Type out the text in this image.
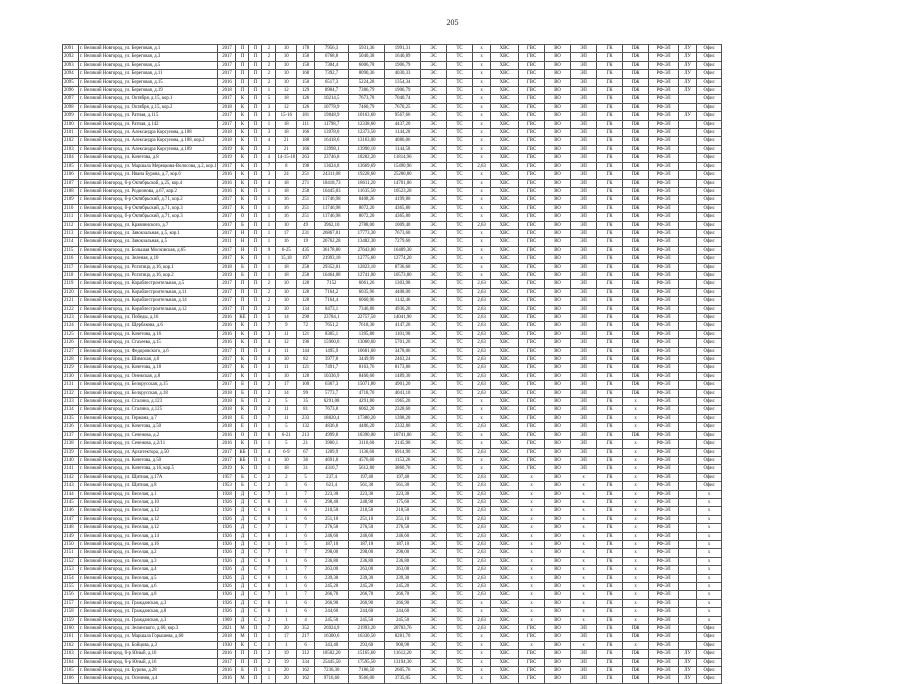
205
2091	г. Великий Новгород, ул. Береговая, д.1	2017	П	П	2	10	178	7956,3	5931,36	1991,31	ЭС	ТС	х	ХВС	ГВС	ВО	ЭП	ГК	ПЖ	РФ-ЭЛ	ЛУ	Офис
2092	г. Великий Новгород, ул. Береговая, д.3	2017	П	П	2	10	158	6768,8	5040,38	1640,89	ЭС	ТС	х	ХВС	ГВС	ВО	ЭП	ГК	ПЖ	РФ-ЭЛ	ЛУ	Офис
2093	г. Великий Новгород, ул. Береговая, д.5	2017	П	П	2	10	158	7304,4	6006,78	1906,79	ЭС	ТС	х	ХВС	ГВС	ВО	ЭП	ГК	ПЖ	РФ-ЭЛ	ЛУ	Офис
2094	г. Великий Новгород, ул. Береговая, д.11	2017	П	П	2	10	168	7392,7	8090,36	4030,33	ЭС	ТС	х	ХВС	ГВС	ВО	ЭП	ГК	ПЖ	РФ-ЭЛ	ЛУ	Офис
2095	г. Великий Новгород, ул. Береговая, д.15	2016	П	П	2	10	150	6517,3	5224,28	1354,34	ЭС	ТС	х	ХВС	ГВС	ВО	ЭП	ГК	ПЖ	РФ-ЭЛ	ЛУ	Офис
2096	г. Великий Новгород, ул. Береговая, д.19	2018	П	П	1	12	129	8904,7	7386,79	1906,79	ЭС	ТС	х	ХВС	ГВС	ВО	ЭП	ГК	ПЖ	РФ-ЭЛ	ЛУ	Офис
2097	г. Великий Новгород, ул. Октября, д.15, кор.1	2017	К	П	5	18	126	10214,5	7673,78	7040,74	ЭС	ТС	х	ХВС	ГВС	ВО	ЭП	ГК	ПЖ	РФ-ЭЛ		Офис
2098	г. Великий Новгород, ул. Октября, д.15, кор.2	2018	К	П	3	12	126	10778,9	7460,79	7670,25	ЭС	ТС	х	ХВС	ГВС	ВО	ЭП	ГК	ПЖ	РФ-ЭЛ		Офис
2099	г. Великий Новгород, ул. Ратная, д.115	2017	К	П	3	15-16	181	19848,9	10163,60	9567,66	ЭС	ТС	х	ХВС	ГВС	ВО	ЭП	ГК	ПЖ	РФ-ЭЛ	ЛУ	Офис
2100	г. Великий Новгород, ул. Ратная, д.142	2017	К	П	1	18	111	11798,7	12338,60	4437,20	ЭС	ТС	х	ХВС	ГВС	ВО	ЭП	ГК	ПЖ	РФ-ЭЛ		Офис
2101	г. Великий Новгород, ул. Александра Корсунова, д.188	2018	К	П	3	18	166	13978,0	12373,50	1144,20	ЭС	ТС	х	ХВС	ГВС	ВО	ЭП	ГК	ПЖ	РФ-ЭЛ		Офис
2102	г. Великий Новгород, ул. Александра Корсунова, д.188, кор.2	2018	К	П	4	21	188	16418,6	13163,00	4086,06	ЭС	ТС	х	ХВС	ГВС	ВО	ЭП	ГК	ПЖ	РФ-ЭЛ		Офис
2103	г. Великий Новгород, ул. Александра Корсунова, д.189	2019	К	П	3	21	166	13998,1	13990,10	1144,50	ЭС	ТС	х	ХВС	ГВС	ВО	ЭП	ГК	ПЖ	РФ-ЭЛ		Офис
2104	г. Великий Новгород, ул. Кочетова, д.8	2019	К	П	4	14-15-18	263	23746,8	18282,20	11814,96	ЭС	ТС	х	ХВС	ГВС	ВО	ЭП	ГК	ПЖ	РФ-ЭЛ		Офис
2105	г. Великий Новгород, ул. Маршала Мерецкова-Волосова, д.2, кор.1	2017	К	П	7	8	198	13624,8	13669,69	15490,96	ЭС	ТС	2,63	ХВС	ГВС	ВО	ЭП	ГК	ПЖ	РФ-ЭЛ		Офис
2106	г. Великий Новгород, ул. Ивана Бурова, д.7, кор.6	2016	К	П	3	24	251	24311,08	19228,60	25280,80	ЭС	ТС	х	ХВС	ГВС	ВО	ЭП	ГК	ПЖ	РФ-ЭЛ		Офис
2107	г. Великий Новгород, б-р Октябрьской, д.25, кор.4	2016	К	П	4	18	271	18418,73	18611,20	14701,06	ЭС	ТС	х	ХВС	ГВС	ВО	ЭП	ГК	ПЖ	РФ-ЭЛ		Офис
2108	г. Великий Новгород, ул. Родионова, д.67, кор.2	2016	К	П	1	18	258	16445,03	11635,50	10523,28	ЭС	ТС	х	ХВС	ГВС	ВО	ЭП	ГК	ПЖ	РФ-ЭЛ		Офис
2109	г. Великий Новгород, б-р Октябрьский, д.71, кор.2	2017	К	П	1	16	251	11746,98	8408,26	4199,80	ЭС	ТС	х	ХВС	ГВС	ВО	ЭП	ГК	ПЖ	РФ-ЭЛ		Офис
2110	г. Великий Новгород, б-р Октябрьский, д.71, кор.3	2017	К	П	1	16	251	11746,98	8072,20	4365,80	ЭС	ТС	х	ХВС	ГВС	ВО	ЭП	ГК	ПЖ	РФ-ЭЛ		Офис
2111	г. Великий Новгород, б-р Октябрьский, д.71, кор.3	2017	О	П	1	16	251	11746,98	8072,20	4365,80	ЭС	ТС	х	ХВС	ГВС	ВО	ЭП	ГК	ПЖ	РФ-ЭЛ		Офис
2112	г. Великий Новгород, ул. Кравчинского, д.7	2017	Б	П	1	10	49	3962,10	2788,00	1009,40	ЭС	ТС	2,63	ХВС	ГВС	ВО	ЭП	ГК	ПЖ	РФ-ЭЛ		Офис
2113	г. Великий Новгород, ул. Завокзальная, д.5, кор.1	2017	Н	П	1	17	231	26867,01	17773,30	7673,60	ЭС	ТС	х	ХВС	ГВС	ВО	ЭП	ГК	ПЖ	РФ-ЭЛ		Офис
2114	г. Великий Новгород, ул. Завокзальная, д.5	2011	Н	П	1	16	19	26762,28	13482,30	7279,60	ЭС	ТС	х	ХВС	ГВС	ВО	ЭП	ГК	ПЖ	РФ-ЭЛ		Офис
2115	г. Великий Новгород, ул. Большая Московская, д.65	2017	Н	П	9	6-25	435	36178,80	27643,80	16409,30	ЭС	ТС	х	ХВС	ГВС	ВО	ЭП	ГК	ПЖ	РФ-ЭЛ		Офис
2116	г. Великий Новгород, ул. Зеленая, д.10	2017	К	П	1	15,18	197	21993,18	12775,60	12774,20	ЭС	ТС	х	ХВС	ГВС	ВО	ЭП	ГК	ПЖ	РФ-ЭЛ		Офис
2117	г. Великий Новгород, ул. Рогатица, д.16, кор.1	2018	Б	П	1	18	258	29352,01	12823,10	8736,60	ЭС	ТС	х	ХВС	ГВС	ВО	ЭП	ГК	ПЖ	РФ-ЭЛ		Офис
2118	г. Великий Новгород, ул. Рогатица, д.16, кор.2	2019	Б	П	1	18	258	16464,08	12741,00	10573,80	ЭС	ТС	х	ХВС	ГВС	ВО	ЭП	ГК	ПЖ	РФ-ЭЛ		Офис
2119	г. Великий Новгород, ул. Кораблестроительная, д.5	2017	П	П	2	10	128	7152	6061,26	1303,98	ЭС	ТС	2,63	ХВС	ГВС	ВО	ЭП	ГК	ПЖ	РФ-ЭЛ		Офис
2120	г. Великий Новгород, ул. Кораблестроительная, д.11	2017	П	П	2	10	128	7164,2	6035,96	4408,00	ЭС	ТС	2,63	ХВС	ГВС	ВО	ЭП	ГК	ПЖ	РФ-ЭЛ		Офис
2121	г. Великий Новгород, ул. Кораблестроительная, д.14	2017	П	П	2	10	128	7164,4	6060,96	1142,46	ЭС	ТС	2,63	ХВС	ГВС	ВО	ЭП	ГК	ПЖ	РФ-ЭЛ		Офис
2122	г. Великий Новгород, ул. Кораблестроительная, д.12	2017	П	П	2	10	134	8473,1	7346,80	4936,20	ЭС	ТС	2,63	ХВС	ГВС	ВО	ЭП	ГК	ПЖ	РФ-ЭЛ		Офис
2123	г. Великий Новгород, ул. Победы, д.16	2016	КЕ	П	5	14	290	23784,1	22757,50	14041,90	ЭС	ТС	2,63	ХВС	ГВС	ВО	ЭП	ГК	ПЖ	РФ-ЭЛ		Офис
2124	г. Великий Новгород, ул. Щербакова, д.6	2016	К	П	7	9	72	7651,2	7618,30	4147,20	ЭС	ТС	2,63	ХВС	ГВС	ВО	ЭП	ГК	ПЖ	РФ-ЭЛ		Офис
2125	г. Великий Новгород, ул. Кочетова, д.16	2016	К	П	3	11	121	8305,1	1395,80	1101,90	ЭС	ТС	2,63	ХВС	ГВС	ВО	ЭП	ГК	ПЖ	РФ-ЭЛ		Офис
2126	г. Великий Новгород, ул. Стахеева, д.15	2016	К	П	4	12	196	15960,0	13060,60	5701,20	ЭС	ТС	2,63	ХВС	ГВС	ВО	ЭП	ГК	ПЖ	РФ-ЭЛ		Офис
2127	г. Великий Новгород, ул. Федоровского, д.6	2017	П	П	4	11	144	1495,9	10681,60	3478,06	ЭС	ТС	2,63	ХВС	ГВС	ВО	ЭП	ГК	ПЖ	РФ-ЭЛ		Офис
2128	г. Великий Новгород, ул. Шимская, д.6	2017	К	П	4	10	82	3977,8	3449,99	2463,24	ЭС	ТС	2,63	ХВС	ГВС	ВО	ЭП	ГК	ПЖ	РФ-ЭЛ		Офис
2129	г. Великий Новгород, ул. Кочетова, д.18	2017	К	П	3	11	121	7491,7	8163,76	8173,80	ЭС	ТС	2,63	ХВС	ГВС	ВО	ЭП	ГК	ПЖ	РФ-ЭЛ		Офис
2130	г. Великий Новгород, ул. Онежская, д.8	2017	К	П	5	10	128	10336,9	8460,60	1489,30	ЭС	ТС	2,63	ХВС	ГВС	ВО	ЭП	ГК	ПЖ	РФ-ЭЛ		Офис
2131	г. Великий Новгород, ул. Белорусская, д.15	2017	Б	П	2	17	100	6367,3	15071,80	4901,20	ЭС	ТС	2,63	ХВС	ГВС	ВО	ЭП	ГК	ПЖ	РФ-ЭЛ		Офис
2132	г. Великий Новгород, ул. Белорусская, д.18	2018	Б	П	2	14	99	5773,7	4718,70	4041,10	ЭС	ТС	2,63	ХВС	ГВС	ВО	ЭП	ГК	ПЖ	РФ-ЭЛ		Офис
2133	г. Великий Новгород, ул. Сталина, д.123	2018	Б	П	2	5	35	6291,08	4291,80	1965,20	ЭС	ТС	х	ХВС	ГВС	ВО	ЭП	ГК	х	РФ-ЭЛ		Офис
2134	г. Великий Новгород, ул. Сталина, д.125	2018	К	П	3	11	81	7673,8	6062,20	2328,60	ЭС	ТС	х	ХВС	ГВС	ВО	ЭП	ГК	х	РФ-ЭЛ		Офис
2135	г. Великий Новгород, ул. Германа, д.7	2018	Е	П	7	11	233	18820,4	17380,20	1398,20	ЭС	ТС	х	ХВС	ГВС	ВО	ЭП	ГК	х	РФ-ЭЛ		Офис
2136	г. Великий Новгород, ул. Кочетова, д.50	2018	Е	П	1	5	132	4836,8	4486,20	2332,80	ЭС	ТС	2,63	ХВС	ГВС	ВО	ЭП	ГК	х	РФ-ЭЛ		Офис
2137	г. Великий Новгород, ул. Сеченова, д.2	2016	О	П	6	6-21	213	4999,8	18390,00	10741,06	ЭС	ТС	х	ХВС	ГВС	ВО	ЭП	ГК	ПЖ	РФ-ЭЛ		Офис
2138	г. Великий Новгород, ул. Сеченова, д.2/11	2016	К	П	1	5	21	3900,1	3116,60	2145,90	ЭС	ТС	х	ХВС	ГВС	ВО	ЭП	ГК	х	РФ-ЭЛ		Офис
2139	г. Великий Новгород, ул. Архитектора, д.50	2017	КБ	П	4	6-9	67	1209,9	1136,60	6914,90	ЭС	ТС	2,63	ХВС	ГВС	ВО	ЭП	ГК	х	РФ-ЭЛ		Офис
2140	г. Великий Новгород, ул. Кочетова, д.50	2017	КБ	П	4	10	36	4691,8	4576,60	1153,26	ЭС	ТС	х	ХВС	ГВС	ВО	ЭП	ГК	х	РФ-ЭЛ		Офис
2141	г. Великий Новгород, ул. Кочетова, д.16, кор.5	2019	К	П	1	18	31	4316,7	5612,80	3860,76	ЭС	ТС	х	ХВС	ГВС	ВО	ЭП	ГК	х	РФ-ЭЛ		Офис
2142	г. Великий Новгород, ул. Щитная, д.17А	1957	Б	С	2	2	5	237,4	197,40	197,40	ЭС	ТС	2,63	ХВС	х	ВО	х	ГК	х	РФ-ЭЛ		Офис
2143	г. Великий Новгород, ул. Щитная, д.8	1953	Б	С	2	3	6	621,4	561,30	561,30	ЭС	ТС	2,63	ХВС	х	ВО	х	ГК	х	РФ-ЭЛ		Офис
2144	г. Великий Новгород, ул. Веселая, д.1	1928	Д	С	7	1	7	223,30	223,30	223,30	ЭС	ТС	2,63	ХВС	х	ВО	х	ГК	х	РФ-ЭЛ		х
2145	г. Великий Новгород, ул. Веселая, д.10	1926	Д	С	6	1	6	298,40	248,90	175,60	ЭС	ТС	2,63	ХВС	х	ВО	х	ГК	х	РФ-ЭЛ		х
2146	г. Великий Новгород, ул. Веселая, д.12	1926	Д	С	6	1	6	210,50	218,50	218,50	ЭС	ТС	2,63	ХВС	х	ВО	х	ГК	х	РФ-ЭЛ		х
2147	г. Великий Новгород, ул. Веселая, д.12	1926	Д	С	6	1	6	251,10	251,10	251,10	ЭС	ТС	2,63	ХВС	х	ВО	х	ГК	х	РФ-ЭЛ		х
2148	г. Великий Новгород, ул. Веселая, д.12	1926	Д	С	7	1	7	276,50	276,50	276,50	ЭС	ТС	2,63	ХВС	х	ВО	х	ГК	х	РФ-ЭЛ		х
2149	г. Великий Новгород, ул. Веселая, д.14	1926	Д	С	6	1	6	246,60	246,60	246,60	ЭС	ТС	2,63	ХВС	х	ВО	х	ГК	х	РФ-ЭЛ		х
2150	г. Великий Новгород, ул. Веселая, д.16	1926	Д	С	1	1	5	187,10	187,10	187,10	ЭС	ТС	2,63	ХВС	х	ВО	х	ГК	х	РФ-ЭЛ		х
2151	г. Великий Новгород, ул. Веселая, д.2	1926	Д	С	7	1	7	298,00	298,00	298,00	ЭС	ТС	2,63	ХВС	х	ВО	х	ГК	х	РФ-ЭЛ		х
2152	г. Великий Новгород, ул. Веселая, д.3	1926	Д	С	6	1	6	236,80	236,80	236,80	ЭС	ТС	2,63	ХВС	х	ВО	х	ГК	х	РФ-ЭЛ		х
2153	г. Великий Новгород, ул. Веселая, д.4	1926	Д	С	7	1	7	263,00	263,00	263,00	ЭС	ТС	2,63	ХВС	х	ВО	х	ГК	х	РФ-ЭЛ		х
2154	г. Великий Новгород, ул. Веселая, д.5	1926	Д	С	6	1	6	239,30	239,30	239,30	ЭС	ТС	2,63	ХВС	х	ВО	х	ГК	х	РФ-ЭЛ		х
2155	г. Великий Новгород, ул. Веселая, д.6	1926	Д	С	6	1	6	245,20	245,20	245,20	ЭС	ТС	2,63	ХВС	х	ВО	х	ГК	х	РФ-ЭЛ		х
2156	г. Великий Новгород, ул. Веселая, д.8	1926	Д	С	7	1	7	266,70	266,70	266,70	ЭС	ТС	2,63	ХВС	х	ВО	х	ГК	х	РФ-ЭЛ		х
2157	г. Великий Новгород, ул. Гражданская, д.3	1926	Д	С	6	1	6	266,90	266,90	266,90	ЭС	ТС	х	ХВС	х	ВО	х	ГК	х	РФ-ЭЛ		х
2158	г. Великий Новгород, ул. Гражданская, д.8	1926	Д	С	6	1	6	244,60	244,60	244,60	ЭС	ТС	х	ХВС	х	ВО	х	ГК	х	РФ-ЭЛ		х
2159	г. Великий Новгород, ул. Гражданская, д.3	1909	Д	С	2	1	4	245,50	245,50	245,50	ЭС	ТС	2,63	ХВС	х	ВО	х	ГК	х	РФ-ЭЛ		х
2160	г. Великий Новгород, ул. Зелинского, д.60, кор.3	2021	М	П	7	20	352	26924,9	21993,20	20783,76	ЭС	ТС	2,63	ХВС	ГВС	ВО	ЭП	ГК	ПЖ	РФ-ЭЛ		Офис
2161	г. Великий Новгород, ул. Маршала Горышева, д.60	2018	М	П	1	17	217	16300,6	16330,50	8281,70	ЭС	ТС	х	ХВС	ГВС	ВО	ЭП	ГК	ПЖ	РФ-ЭЛ		Офис
2162	г. Великий Новгород, ул. Бойцова, д.3	1930	К	С	1	1	6	343,40	293,60	900,98	ЭС	ТС	х	ХВС	х	ВО	х	ГК	х	РФ-ЭЛ		Офис
2163	г. Великий Новгород, б-р Юный, д.16	2016	П	П	2	19	312	18502,20	15165,60	11612,20	ЭС	ТС	х	ХВС	ГВС	ВО	ЭП	ГК	ПЖ	РФ-ЭЛ	ЛУ	Офис
2164	г. Великий Новгород, б-р Юный, д.16	2017	П	П	2	19	334	25445,50	17595,50	13194,30	ЭС	ТС	х	ХВС	ГВС	ВО	ЭП	ГК	ПЖ	РФ-ЭЛ	ЛУ	Офис
2165	г. Великий Новгород, ул. Бурова, д.28	2016	Б	П	1	20	162	7236,30	7186,50	2605,76	ЭС	ТС	х	ХВС	ГВС	ВО	ЭП	ГК	ПЖ	РФ-ЭЛ	ЛУ	Офис
2166	г. Великий Новгород, ул. Осенняя, д.4	2016	М	П	1	20	162	9716,60	9566,00	3735,05	ЭС	ТС	х	ХВС	ГВС	ВО	ЭП	ГК	ПЖ	РФ-ЭЛ	ЛУ	Офис
